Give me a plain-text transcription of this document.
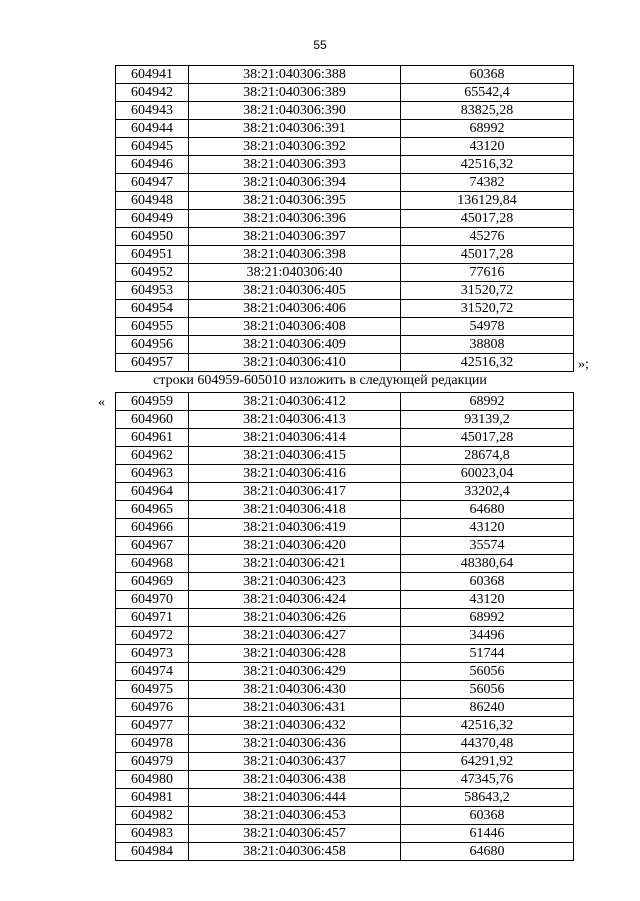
55
604941	38:21:040306:388	60368
604942	38:21:040306:389	65542,4
604943	38:21:040306:390	83825,28
604944	38:21:040306:391	68992
604945	38:21:040306:392	43120
604946	38:21:040306:393	42516,32
604947	38:21:040306:394	74382
604948	38:21:040306:395	136129,84
604949	38:21:040306:396	45017,28
604950	38:21:040306:397	45276
604951	38:21:040306:398	45017,28
604952	38:21:040306:40	77616
604953	38:21:040306:405	31520,72
604954	38:21:040306:406	31520,72
604955	38:21:040306:408	54978
604956	38:21:040306:409	38808
604957	38:21:040306:410	42516,32	»;
строки 604959-605010 изложить в следующей редакции
« 604959	38:21:040306:412	68992
604960	38:21:040306:413	93139,2
604961	38:21:040306:414	45017,28
604962	38:21:040306:415	28674,8
604963	38:21:040306:416	60023,04
604964	38:21:040306:417	33202,4
604965	38:21:040306:418	64680
604966	38:21:040306:419	43120
604967	38:21:040306:420	35574
604968	38:21:040306:421	48380,64
604969	38:21:040306:423	60368
604970	38:21:040306:424	43120
604971	38:21:040306:426	68992
604972	38:21:040306:427	34496
604973	38:21:040306:428	51744
604974	38:21:040306:429	56056
604975	38:21:040306:430	56056
604976	38:21:040306:431	86240
604977	38:21:040306:432	42516,32
604978	38:21:040306:436	44370,48
604979	38:21:040306:437	64291,92
604980	38:21:040306:438	47345,76
604981	38:21:040306:444	58643,2
604982	38:21:040306:453	60368
604983	38:21:040306:457	61446
604984	38:21:040306:458	64680
